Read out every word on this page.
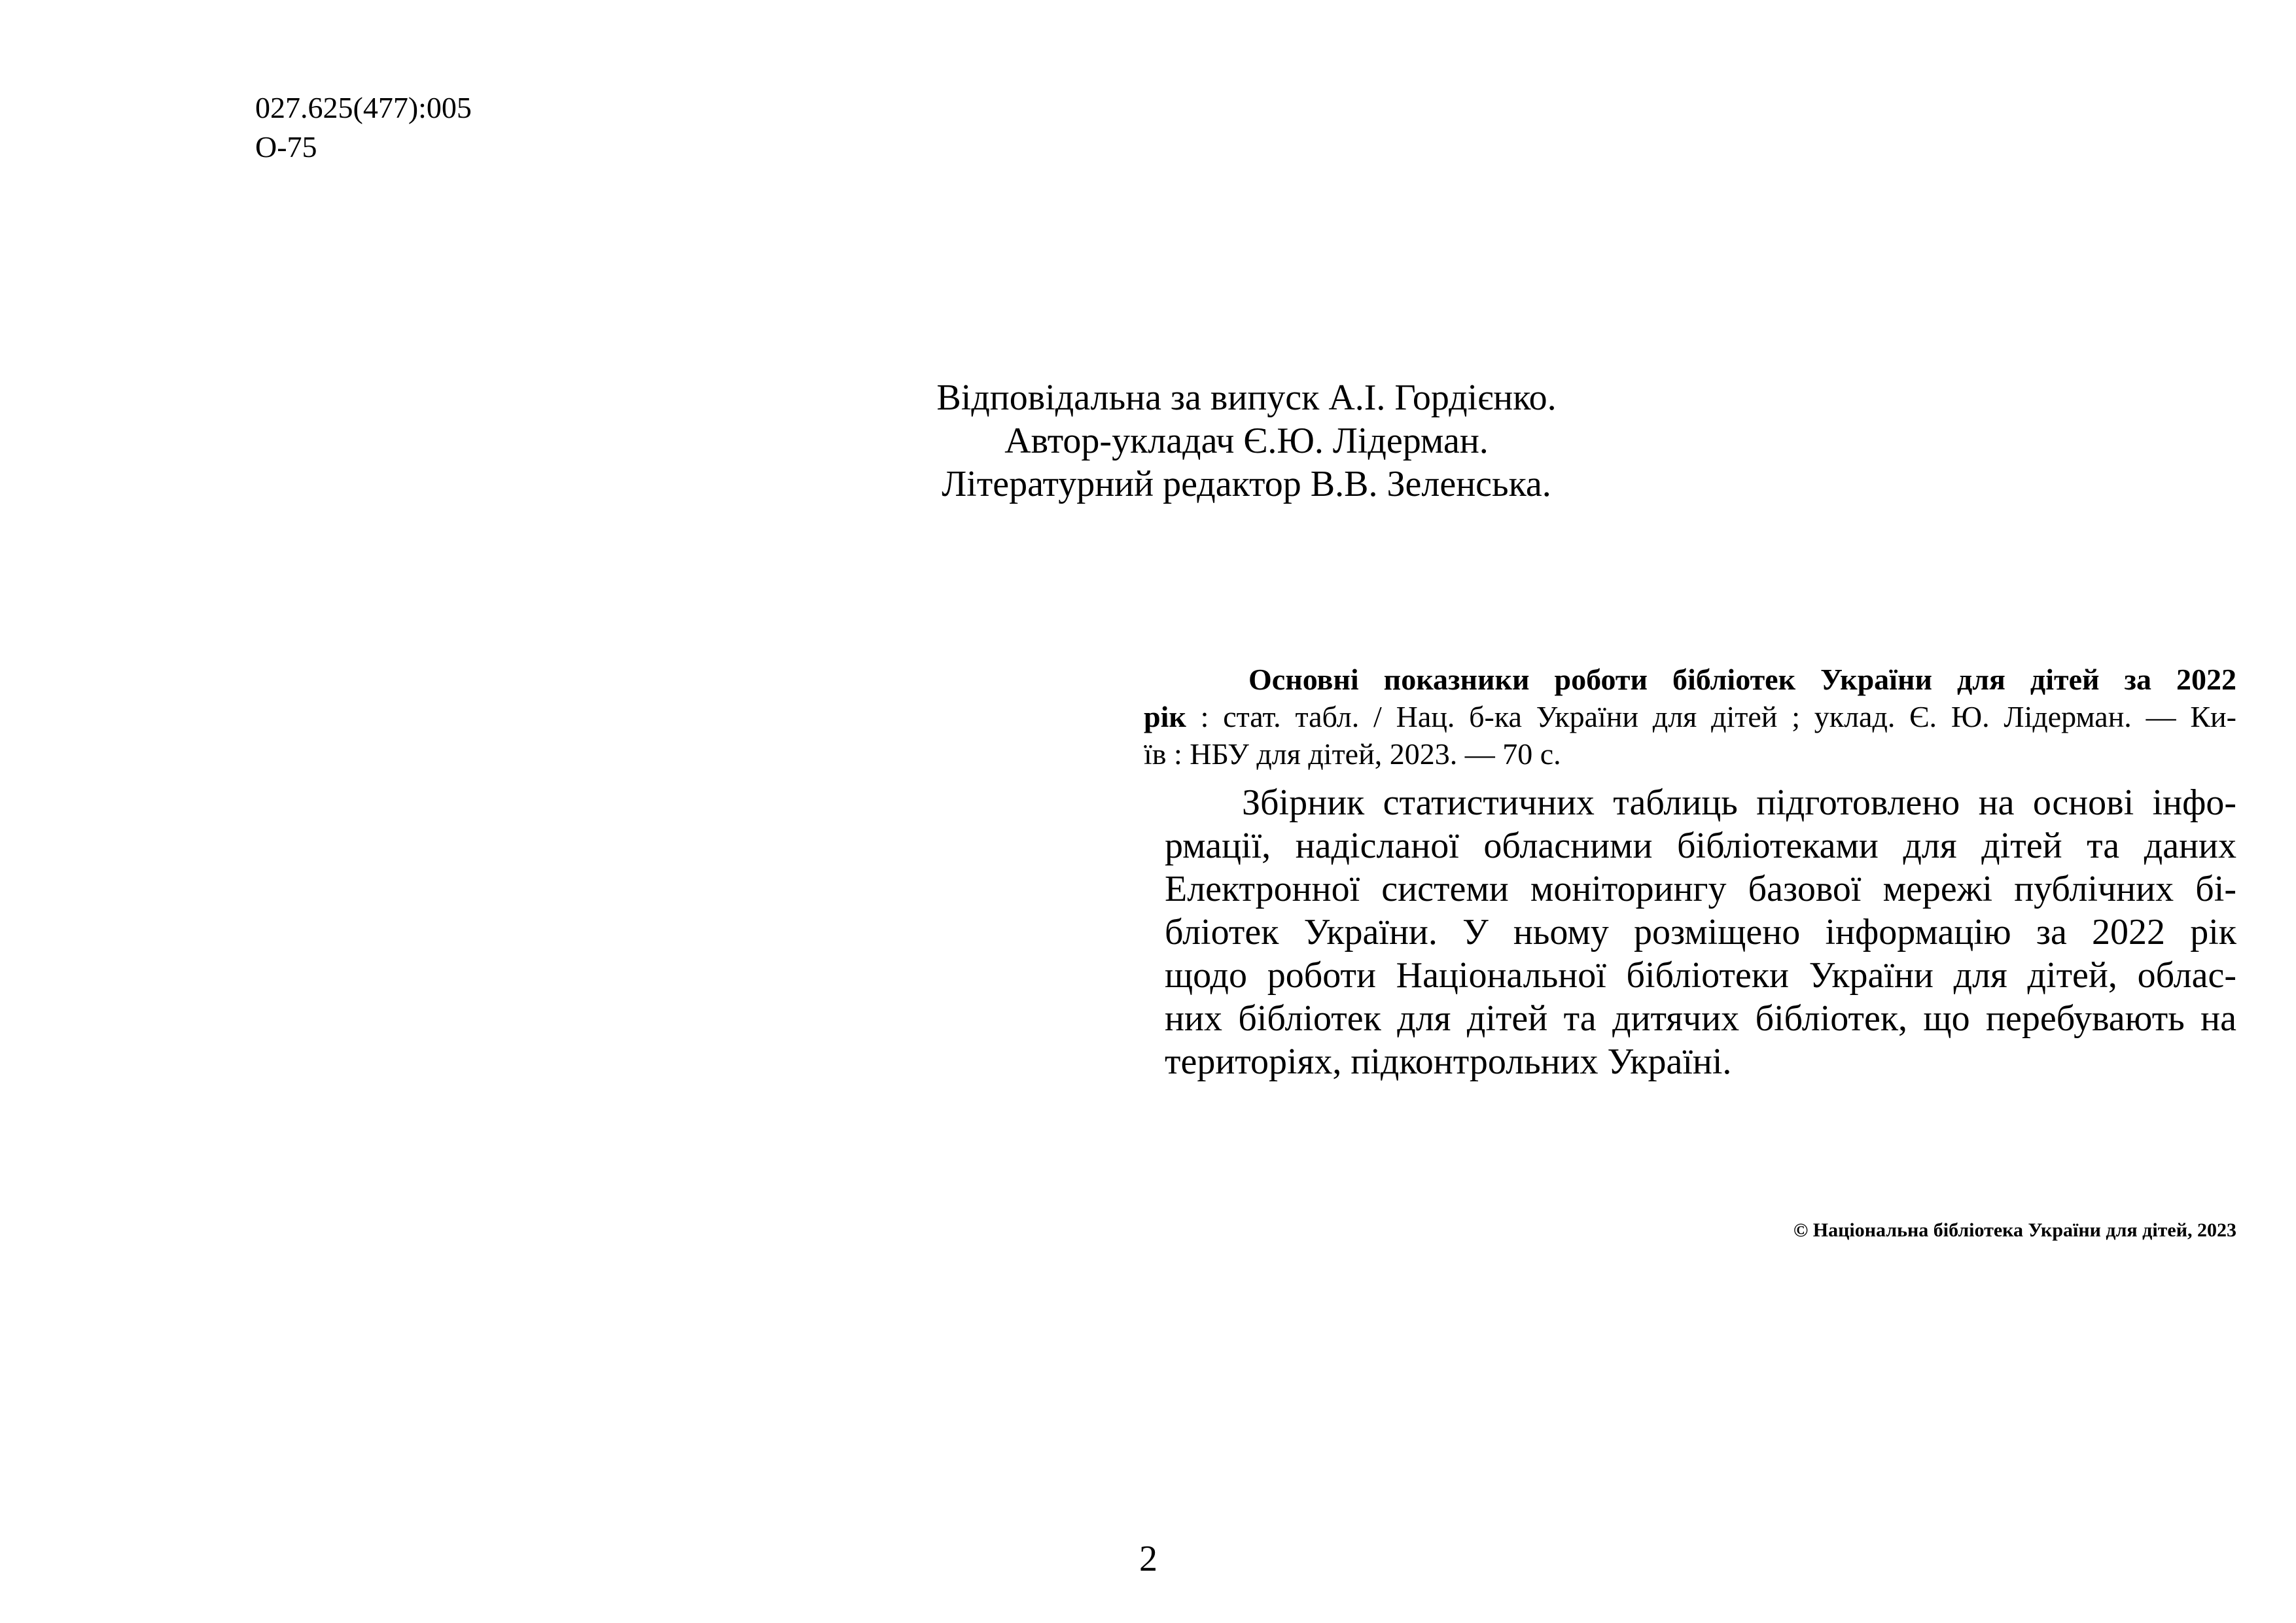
027.625(477):005
О-75
Відповідальна за випуск А.І. Гордієнко.
Автор-укладач Є.Ю. Лідерман.
Літературний редактор В.В. Зеленська.
Основні показники роботи бібліотек України для дітей за 2022
рік : стат. табл. / Нац. б-ка України для дітей ; уклад. Є. Ю. Лідерман. — Ки-
їв : НБУ для дітей, 2023. — 70 с.
Збірник статистичних таблиць підготовлено на основі інфо-
рмації, надісланої обласними бібліотеками для дітей та даних
Електронної системи моніторингу базової мережі публічних бі-
бліотек України. У ньому розміщено інформацію за 2022 рік
щодо роботи Національної бібліотеки України для дітей, облас-
них бібліотек для дітей та дитячих бібліотек, що перебувають на
територіях, підконтрольних Україні.
© Національна бібліотека України для дітей, 2023
2
